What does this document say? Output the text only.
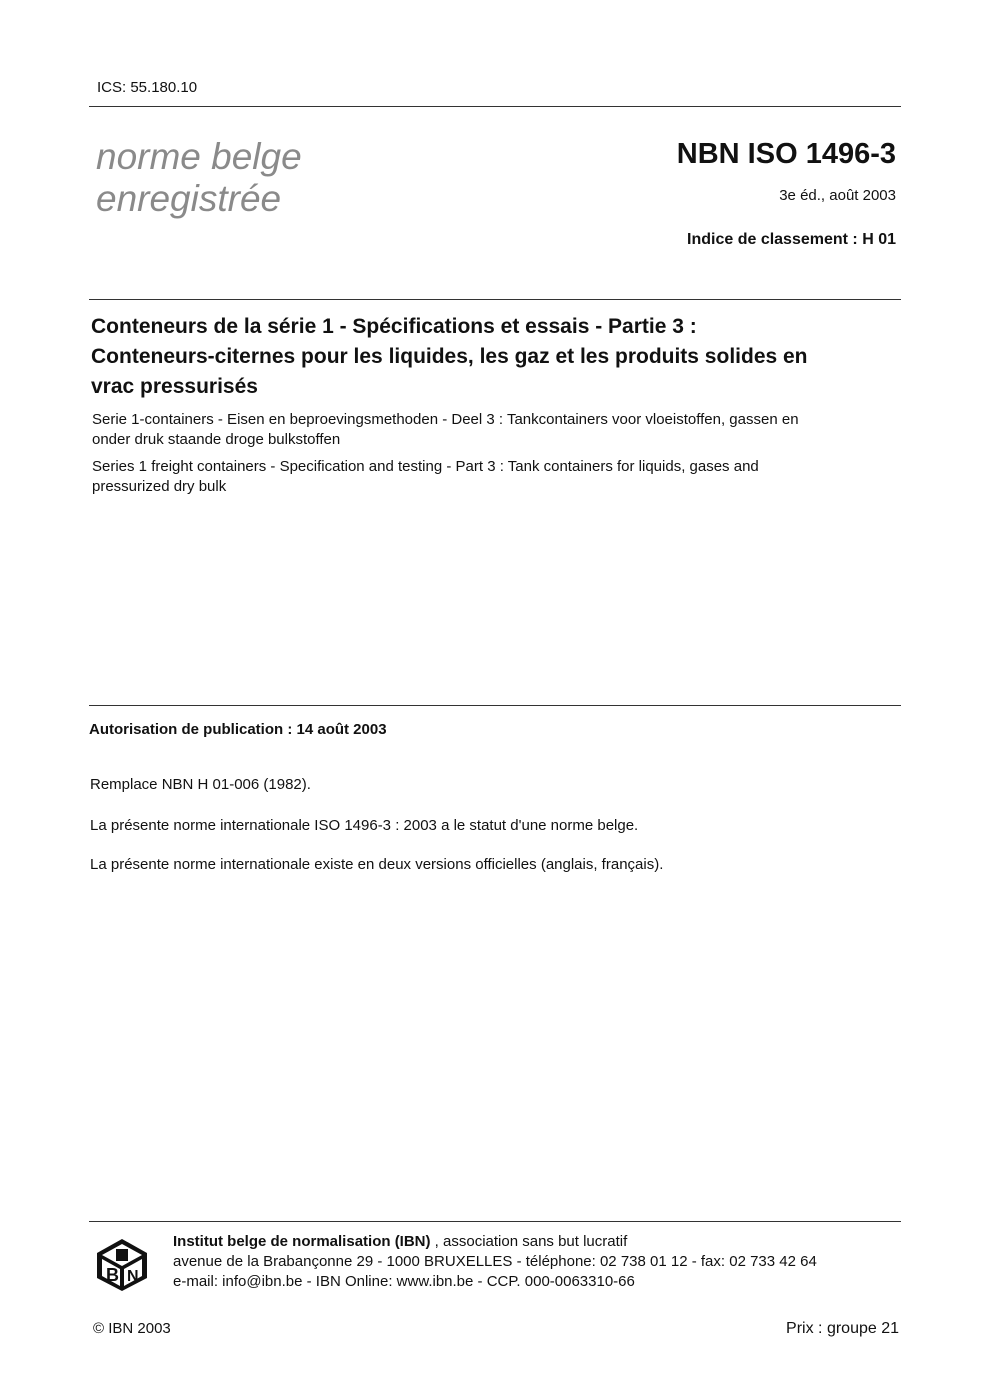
ICS: 55.180.10
norme belge
enregistrée
NBN ISO 1496-3
3e éd., août 2003
Indice de classement : H 01
Conteneurs de la série 1 - Spécifications et essais - Partie 3 :
Conteneurs-citernes pour les liquides, les gaz et les produits solides en
vrac pressurisés
Serie 1-containers - Eisen en beproevingsmethoden - Deel 3 : Tankcontainers voor vloeistoffen, gassen en
onder druk staande droge bulkstoffen
Series 1 freight containers - Specification and testing - Part 3 : Tank containers for liquids, gases and
pressurized dry bulk
Autorisation de publication : 14 août 2003
Remplace NBN H 01-006 (1982).
La présente norme internationale ISO 1496-3 : 2003 a le statut d'une norme belge.
La présente norme internationale existe en deux versions officielles (anglais, français).
B N
Institut belge de normalisation (IBN) , association sans but lucratif
avenue de la Brabançonne 29 - 1000 BRUXELLES - téléphone: 02 738 01 12 - fax: 02 733 42 64
e-mail: info@ibn.be - IBN Online: www.ibn.be - CCP. 000-0063310-66
© IBN 2003	Prix : groupe 21
